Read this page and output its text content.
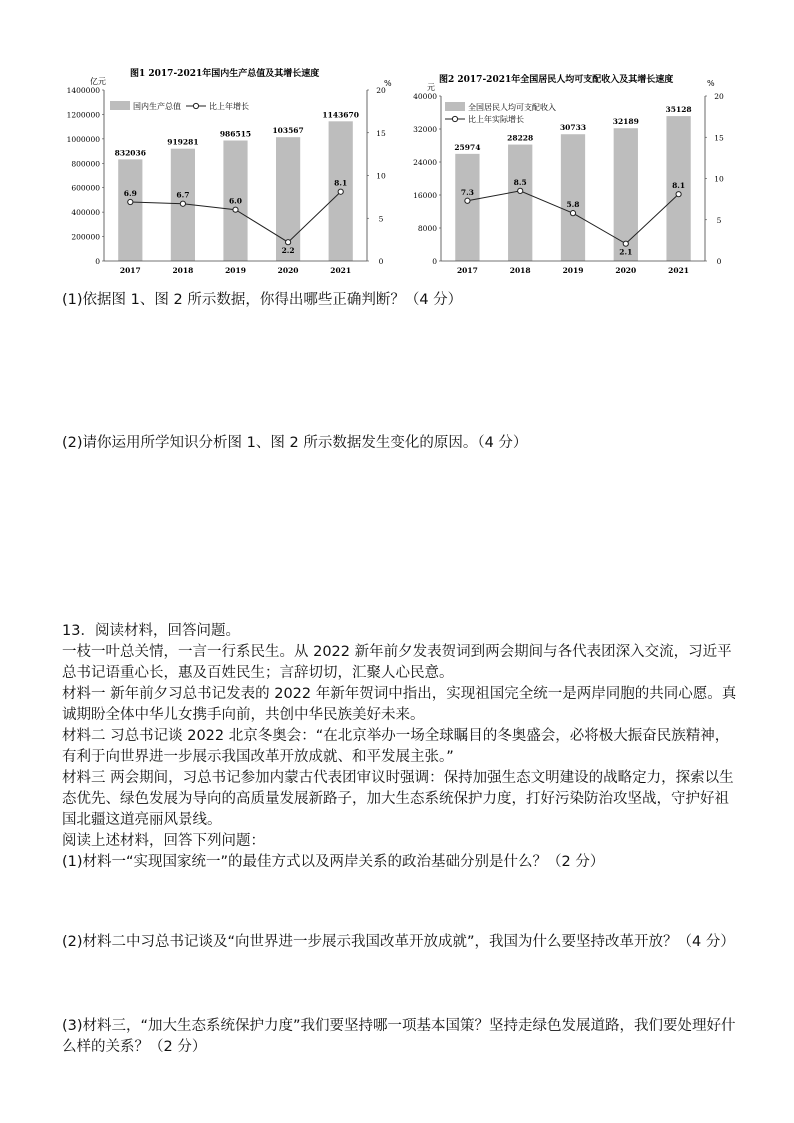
图1 2017-2021年国内生产总值及其增长速度
亿元	%
1400000
1200000
1000000
800000
600000
400000
200000
0
20
15
10
5
0
832036
919281
986515	103567
1143670
6.9	6.7
6.0
2.2
8.1
2017	2018	2019	2020	2021
国内生产总值	比上年增长
图2 2017-2021年全国居民人均可支配收入及其增长速度
元	%
40000
32000
24000
16000
8000
0
20
15
10
5
0
25974
28228
30733
32189
35128
7.3
8.5
5.8
2.1
8.1
2017	2018	2019	2020	2021
全国居民人均可支配收入
比上年实际增长
(1)依据图 1、图 2 所示数据，你得出哪些正确判断？（4 分）
(2)请你运用所学知识分析图 1、图 2 所示数据发生变化的原因。（4 分）

13．阅读材料，回答问题。

一枝一叶总关情，一言一行系民生。从 2022 新年前夕发表贺词到两会期间与各代表团深入交流，习近平总书记语重心长，惠及百姓民生；言辞切切，汇聚人心民意。

材料一 新年前夕习总书记发表的 2022 年新年贺词中指出，实现祖国完全统一是两岸同胞的共同心愿。真诚期盼全体中华儿女携手向前，共创中华民族美好未来。

材料二 习总书记谈 2022 北京冬奥会：“在北京举办一场全球瞩目的冬奥盛会，必将极大振奋民族精神，有利于向世界进一步展示我国改革开放成就、和平发展主张。”

材料三 两会期间，习总书记参加内蒙古代表团审议时强调：保持加强生态文明建设的战略定力，探索以生态优先、绿色发展为导向的高质量发展新路子，加大生态系统保护力度，打好污染防治攻坚战，守护好祖国北疆这道亮丽风景线。

阅读上述材料，回答下列问题：

(1)材料一“实现国家统一”的最佳方式以及两岸关系的政治基础分别是什么？（2 分）

(2)材料二中习总书记谈及“向世界进一步展示我国改革开放成就”，我国为什么要坚持改革开放？（4 分）
(3)材料三，“加大生态系统保护力度”我们要坚持哪一项基本国策？坚持走绿色发展道路，我们要处理好什么样的关系？（2 分）
